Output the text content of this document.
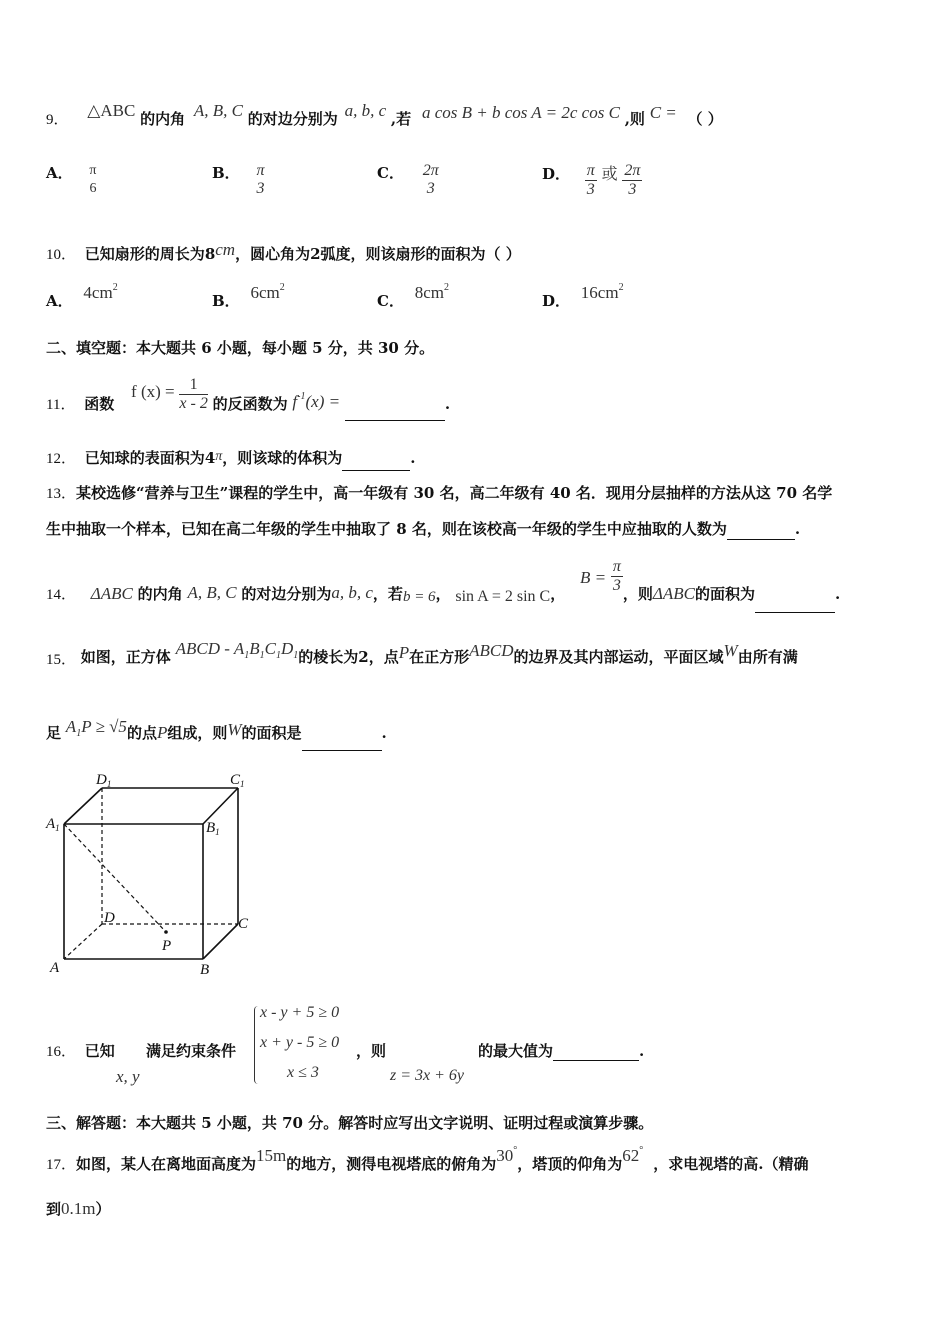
9． △ABC 的内角 A, B, C 的对边分别为 a, b, c ,若 a cos B + b cos A = 2c cos C ,则 C = （ ）
A． π
6
B． π
3
C． 2π
3
D． $\frac{\pi}{3}$ 或 $\frac{2\pi}{3}$
10． 已知扇形的周长为8cm，圆心角为2弧度，则该扇形的面积为（ ）
A． $4cm^2$
B． $6cm^2$
C． $8cm^2$
D． $16cm^2$
二、填空题：本大题共 6 小题，每小题 5 分，共 30 分。
11． 函数 f $(x) = \frac{1}{x - 2}$ 的反函数为 $f^{-1}(x)$ =	.
12． 已知球的表面积为4π，则该球的体积为	.
13．某校选修“营养与卫生”课程的学生中，高一年级有 30 名，高二年级有 40 名．现用分层抽样的方法从这 70 名学
生中抽取一个样本，已知在高二年级的学生中抽取了 8 名，则在该校高一年级的学生中应抽取的人数为	.
14． ΔABC 的内角 A, B, C 的对边分别为a, b, c，若b = 6， sin A = 2 sin C， $B = \frac{\pi}{3}$ ，则ΔABC的面积为	.
15． 如图，正方体 ABCD - $A_1B_1C_1D_1$的棱长为2，点P在正方形ABCD的边界及其内部运动，平面区域W由所有满
足 $A_1P \ge √5$的点P组成，则W的面积是	.
$D_1$	$C_1$
$A_1$	$B_1$
D	C
A	B
P
16． 已知
x, y
满足约束条件
x - y + 5 ≥ 0
x + y - 5 ≥ 0
x ≤ 3
，则
z = 3x + 6y
的最大值为	.
三、解答题：本大题共 5 小题，共 70 分。解答时应写出文字说明、证明过程或演算步骤。
17．如图，某人在离地面高度为15m的地方，测得电视塔底的俯角为30°，塔顶的仰角为62°，求电视塔的高.（精确
到0.1m）
